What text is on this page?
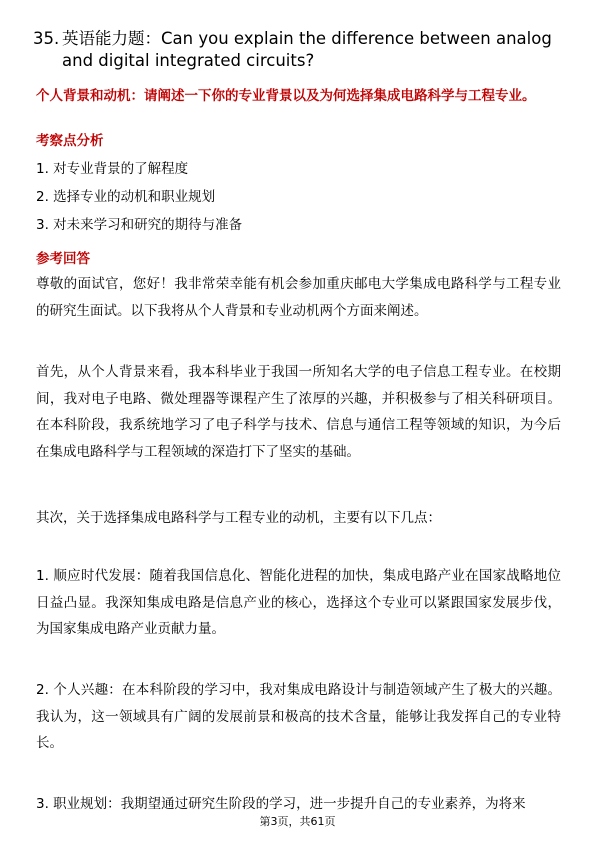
35. 英语能力题：Can you explain the difference between analog and digital integrated circuits?
个人背景和动机：请阐述一下你的专业背景以及为何选择集成电路科学与工程专业。
考察点分析
1. 对专业背景的了解程度
2. 选择专业的动机和职业规划
3. 对未来学习和研究的期待与准备
参考回答
尊敬的面试官，您好！我非常荣幸能有机会参加重庆邮电大学集成电路科学与工程专业的研究生面试。以下我将从个人背景和专业动机两个方面来阐述。
首先，从个人背景来看，我本科毕业于我国一所知名大学的电子信息工程专业。在校期间，我对电子电路、微处理器等课程产生了浓厚的兴趣，并积极参与了相关科研项目。在本科阶段，我系统地学习了电子科学与技术、信息与通信工程等领域的知识，为今后在集成电路科学与工程领域的深造打下了坚实的基础。
其次，关于选择集成电路科学与工程专业的动机，主要有以下几点：
1. 顺应时代发展：随着我国信息化、智能化进程的加快，集成电路产业在国家战略地位日益凸显。我深知集成电路是信息产业的核心，选择这个专业可以紧跟国家发展步伐，为国家集成电路产业贡献力量。
2. 个人兴趣：在本科阶段的学习中，我对集成电路设计与制造领域产生了极大的兴趣。我认为，这一领域具有广阔的发展前景和极高的技术含量，能够让我发挥自己的专业特长。
3. 职业规划：我期望通过研究生阶段的学习，进一步提升自己的专业素养，为将来
第3页，共61页
